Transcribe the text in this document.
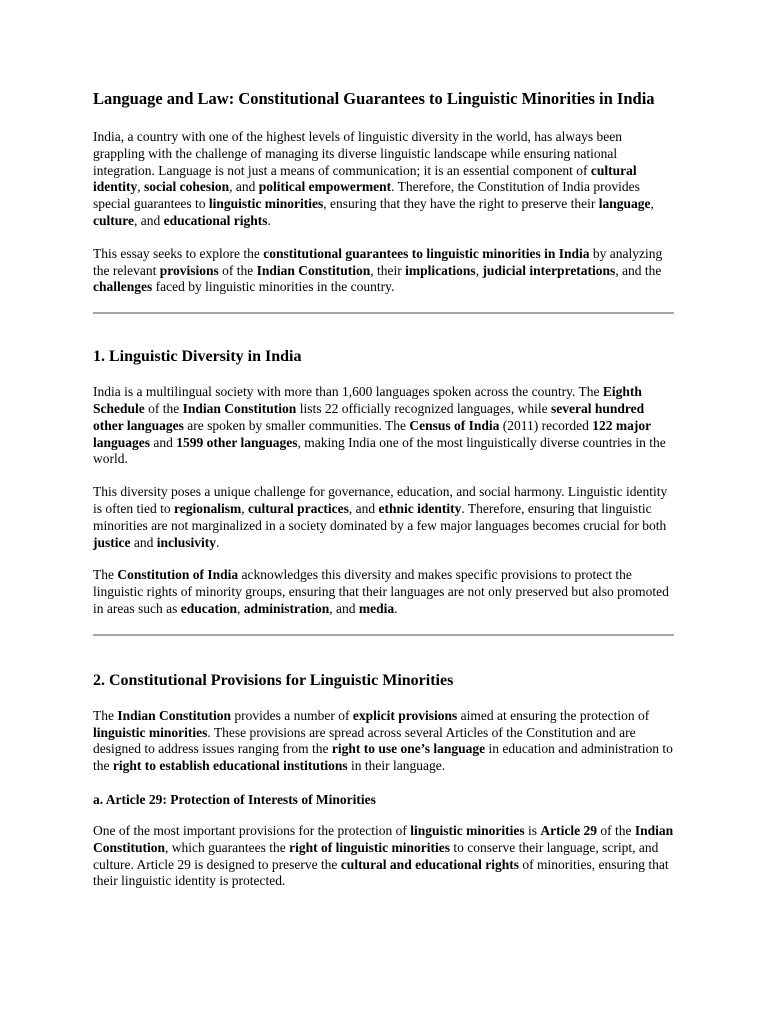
Language and Law: Constitutional Guarantees to Linguistic Minorities in India

India, a country with one of the highest levels of linguistic diversity in the world, has always been grappling with the challenge of managing its diverse linguistic landscape while ensuring national integration. Language is not just a means of communication; it is an essential component of cultural identity, social cohesion, and political empowerment. Therefore, the Constitution of India provides special guarantees to linguistic minorities, ensuring that they have the right to preserve their language, culture, and educational rights.

This essay seeks to explore the constitutional guarantees to linguistic minorities in India by analyzing the relevant provisions of the Indian Constitution, their implications, judicial interpretations, and the challenges faced by linguistic minorities in the country.

1. Linguistic Diversity in India

India is a multilingual society with more than 1,600 languages spoken across the country. The Eighth Schedule of the Indian Constitution lists 22 officially recognized languages, while several hundred other languages are spoken by smaller communities. The Census of India (2011) recorded 122 major languages and 1599 other languages, making India one of the most linguistically diverse countries in the world.

This diversity poses a unique challenge for governance, education, and social harmony. Linguistic identity is often tied to regionalism, cultural practices, and ethnic identity. Therefore, ensuring that linguistic minorities are not marginalized in a society dominated by a few major languages becomes crucial for both justice and inclusivity.

The Constitution of India acknowledges this diversity and makes specific provisions to protect the linguistic rights of minority groups, ensuring that their languages are not only preserved but also promoted in areas such as education, administration, and media.

2. Constitutional Provisions for Linguistic Minorities

The Indian Constitution provides a number of explicit provisions aimed at ensuring the protection of linguistic minorities. These provisions are spread across several Articles of the Constitution and are designed to address issues ranging from the right to use one’s language in education and administration to the right to establish educational institutions in their language.

a. Article 29: Protection of Interests of Minorities

One of the most important provisions for the protection of linguistic minorities is Article 29 of the Indian Constitution, which guarantees the right of linguistic minorities to conserve their language, script, and culture. Article 29 is designed to preserve the cultural and educational rights of minorities, ensuring that their linguistic identity is protected.
